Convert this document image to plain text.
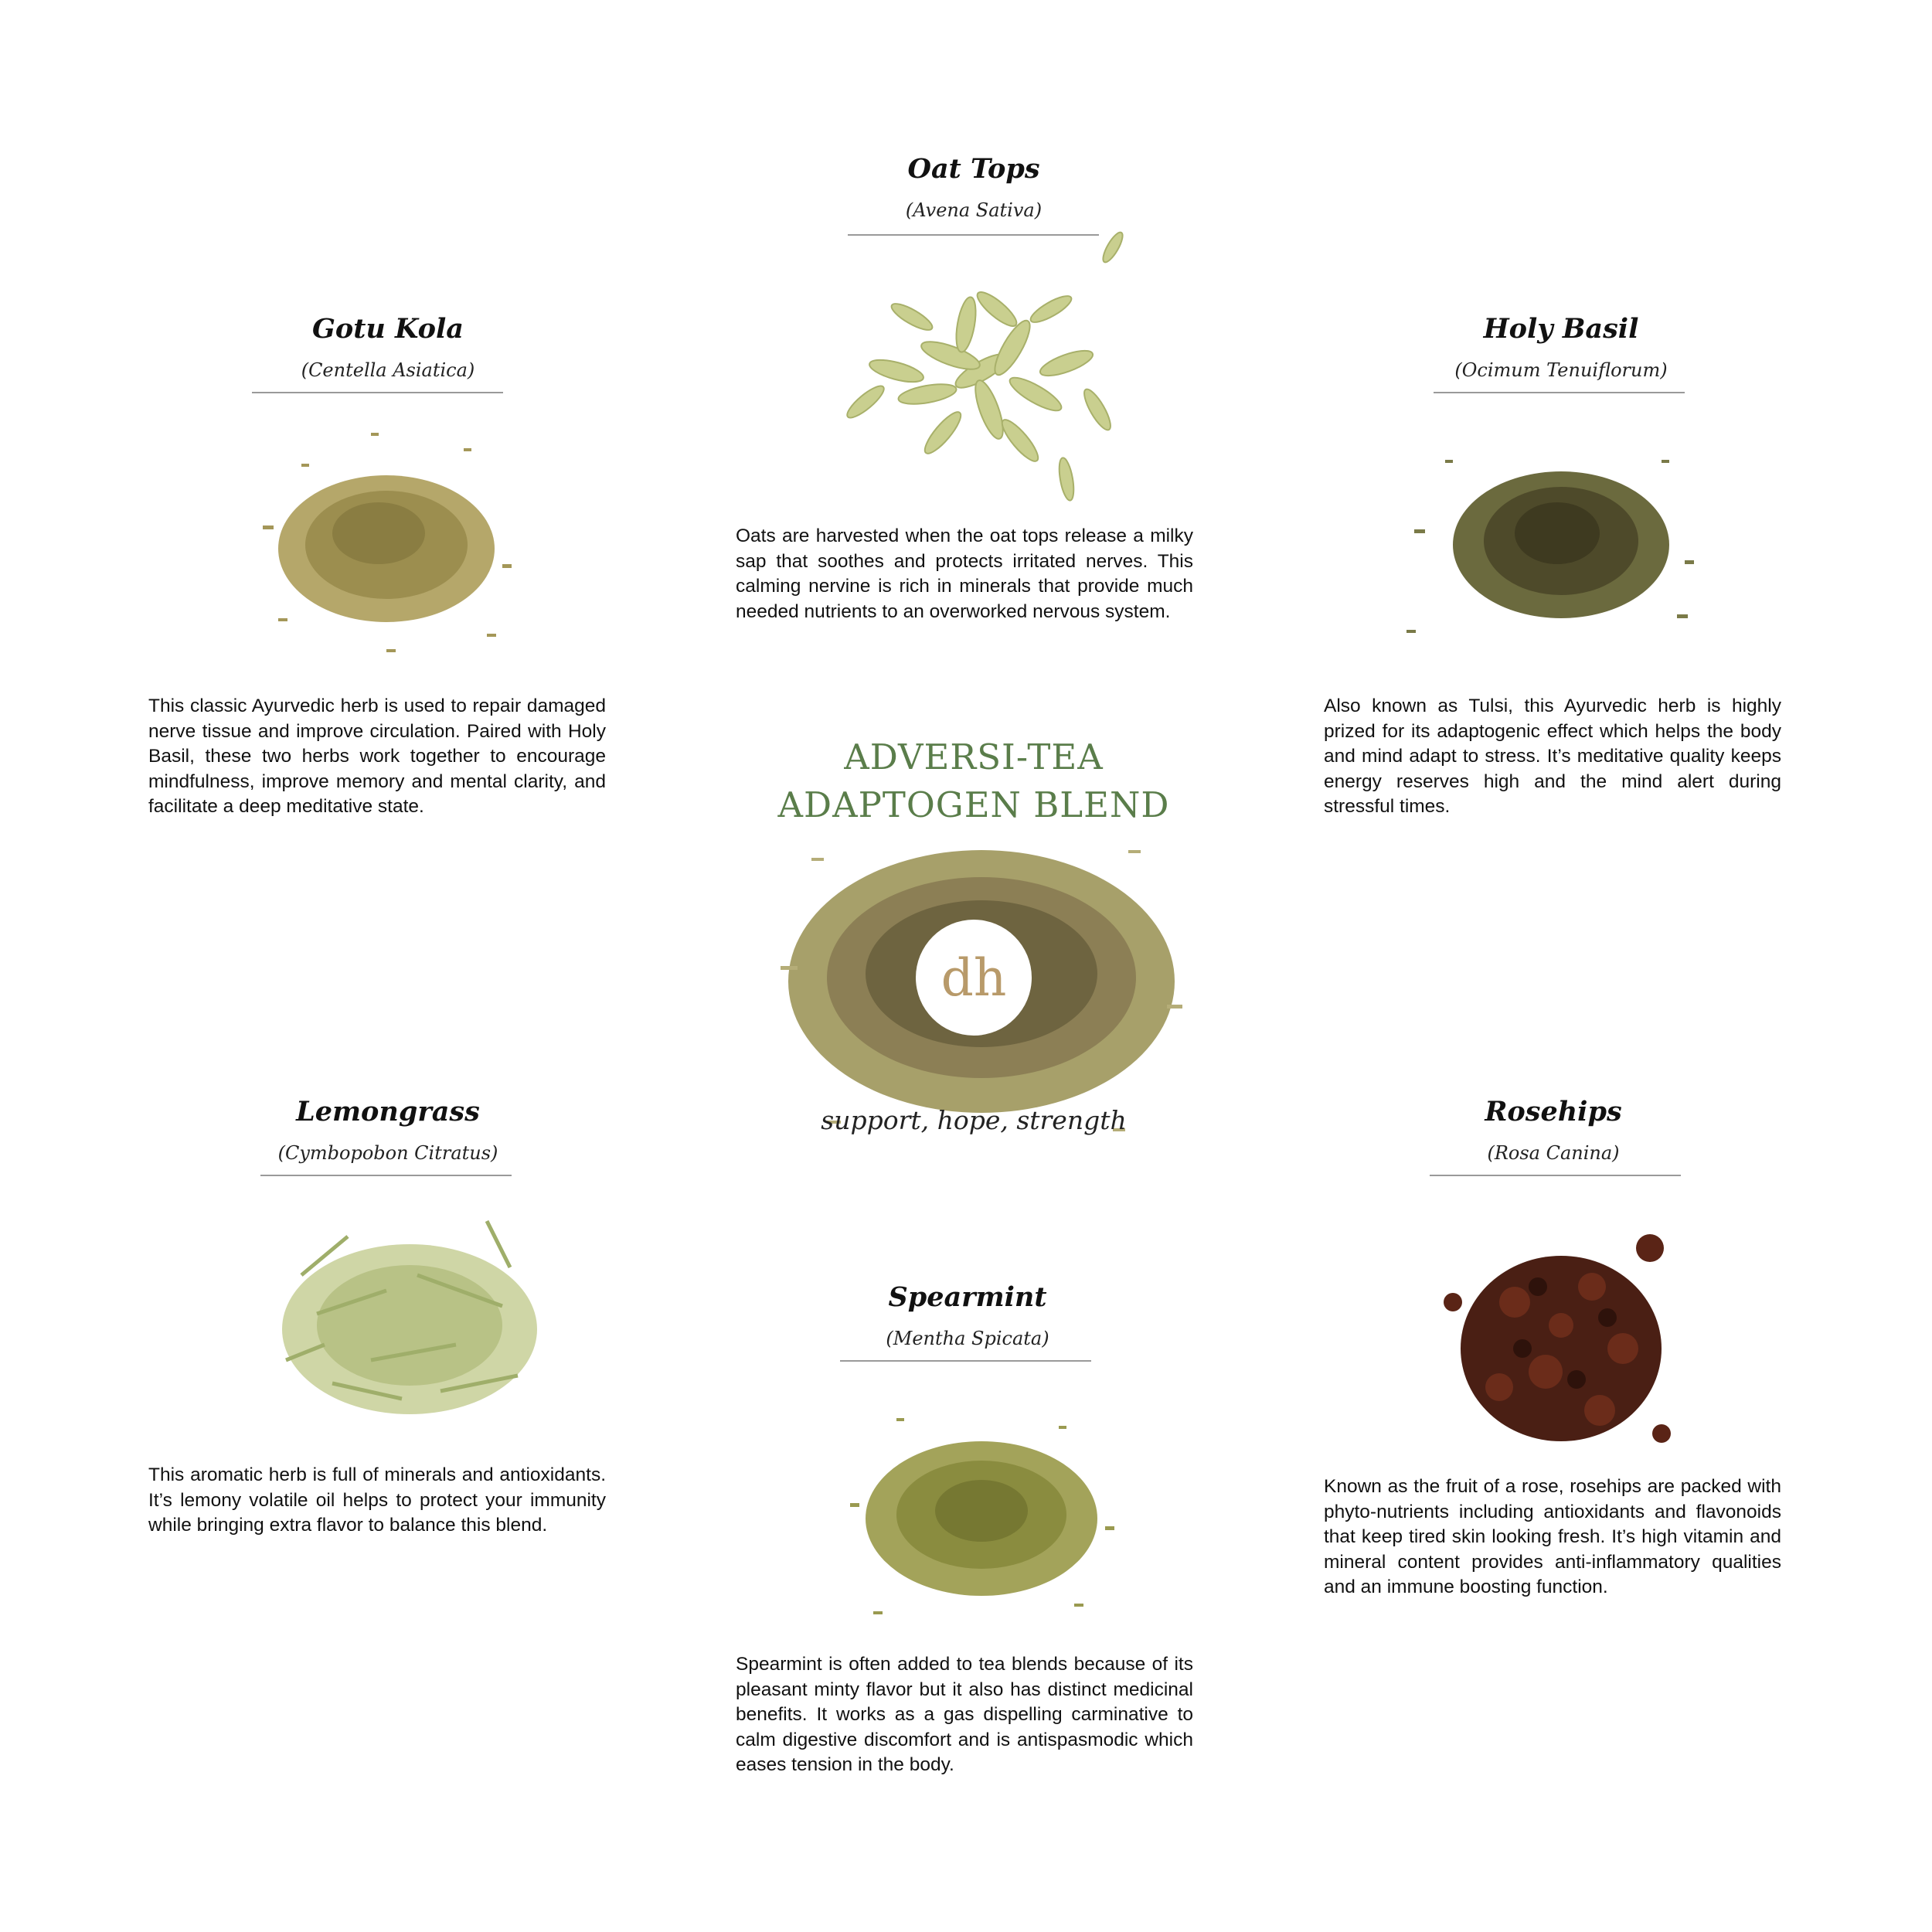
Oat Tops
(Avena Sativa)
Oats are harvested when the oat tops release a milky sap that soothes and protects irritated nerves. This calming nervine is rich in minerals that provide much needed nutrients to an overworked nervous system.
Gotu Kola
(Centella Asiatica)
This classic Ayurvedic herb is used to repair damaged nerve tissue and improve circulation. Paired with Holy Basil, these two herbs work together to encourage mindfulness, improve memory and mental clarity, and facilitate a deep meditative state.
Holy Basil
(Ocimum Tenuiflorum)
Also known as Tulsi, this Ayurvedic herb is highly prized for its adaptogenic effect which helps the body and mind adapt to stress. It’s meditative quality keeps energy reserves high and the mind alert during stressful times.
ADVERSI-TEA
ADAPTOGEN BLEND
dh
support, hope, strength
Lemongrass
(Cymbopobon Citratus)
This aromatic herb is full of minerals and antioxidants. It’s lemony volatile oil helps to protect your immunity while bringing extra flavor to balance this blend.
Spearmint
(Mentha Spicata)
Spearmint is often added to tea blends because of its pleasant minty flavor but it also has distinct medicinal benefits. It works as a gas dispelling carminative to calm digestive discomfort and is antispasmodic which eases tension in the body.
Rosehips
(Rosa Canina)
Known as the fruit of a rose, rosehips are packed with phyto-nutrients including antioxidants and flavonoids that keep tired skin looking fresh. It’s high vitamin and mineral content provides anti-inflammatory qualities and an immune boosting function.
